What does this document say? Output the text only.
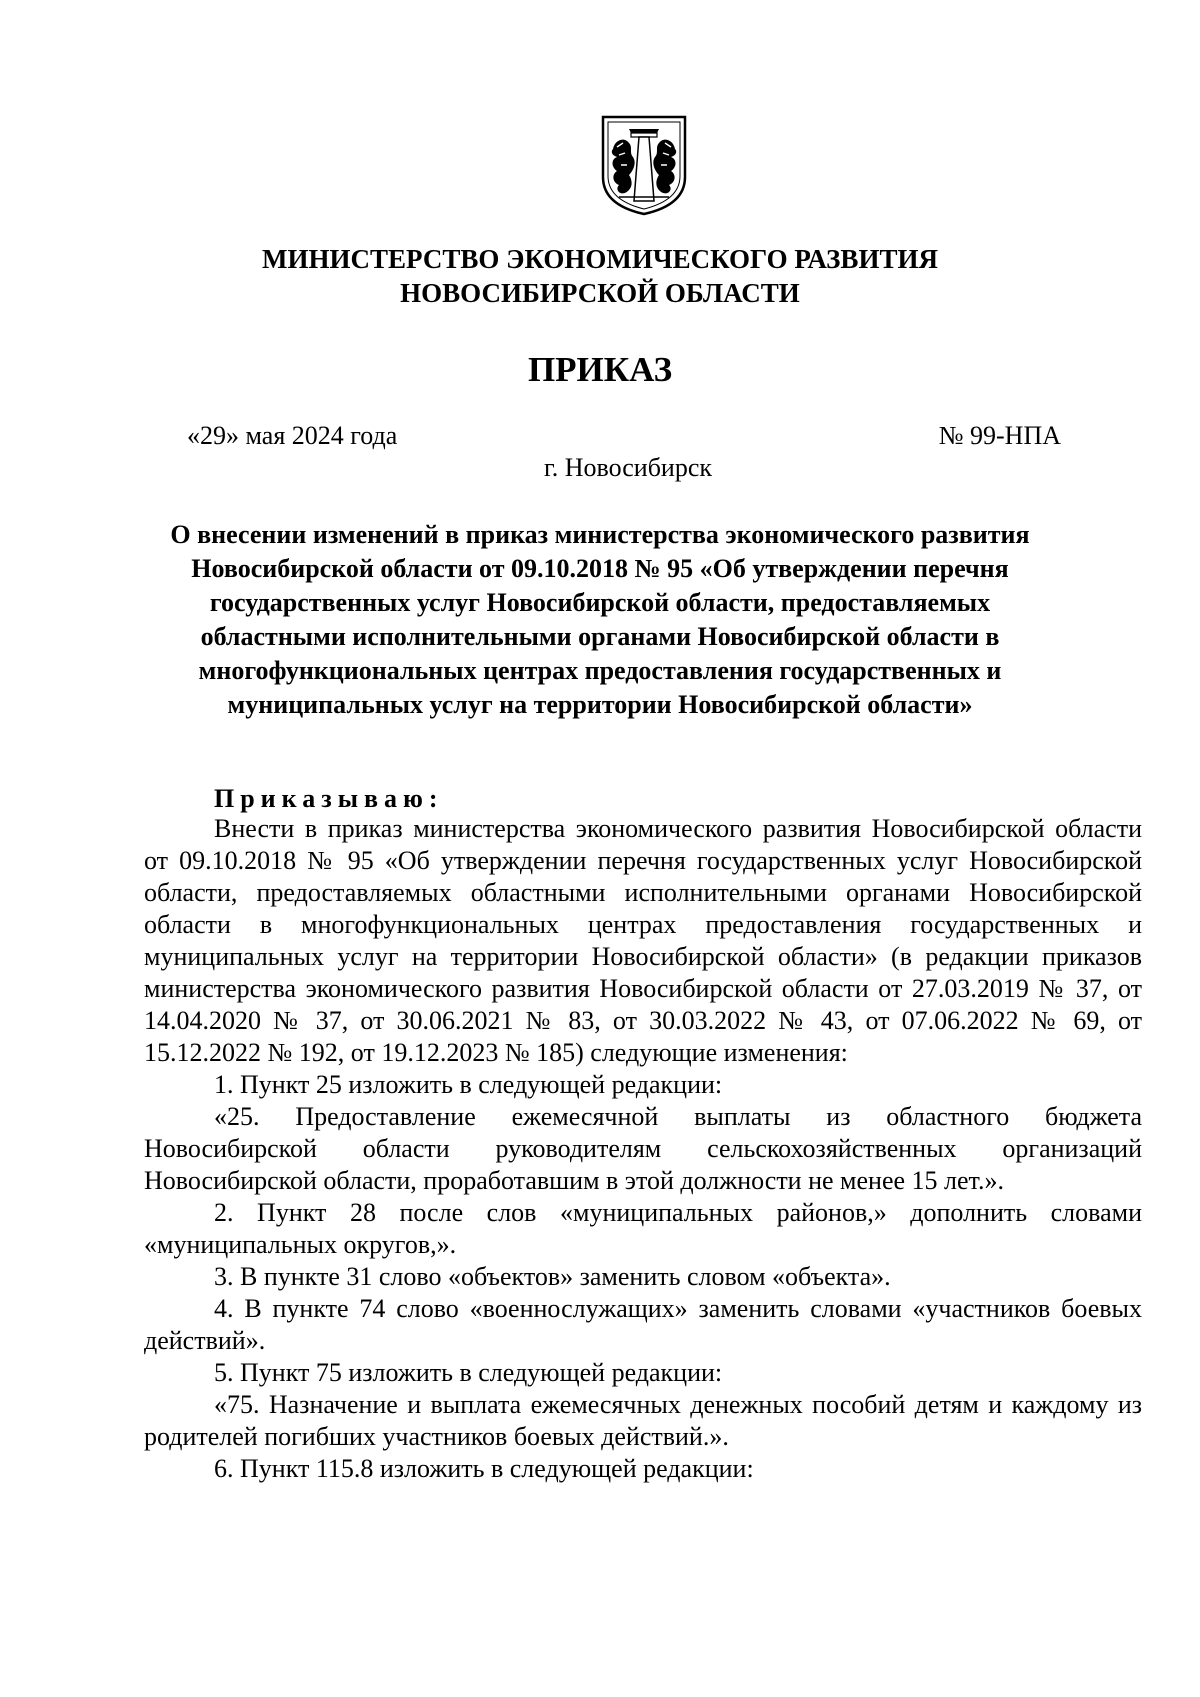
МИНИСТЕРСТВО ЭКОНОМИЧЕСКОГО РАЗВИТИЯ
НОВОСИБИРСКОЙ ОБЛАСТИ
ПРИКАЗ
«29» мая 2024 года	№ 99-НПА
г. Новосибирск
О внесении изменений в приказ министерства экономического развития
Новосибирской области от 09.10.2018 № 95 «Об утверждении перечня
государственных услуг Новосибирской области, предоставляемых
областными исполнительными органами Новосибирской области в
многофункциональных центрах предоставления государственных и
муниципальных услуг на территории Новосибирской области»
Приказываю:

Внести в приказ министерства экономического развития Новосибирской области от 09.10.2018 № 95 «Об утверждении перечня государственных услуг Новосибирской области, предоставляемых областными исполнительными органами Новосибирской области в многофункциональных центрах предоставления государственных и муниципальных услуг на территории Новосибирской области» (в редакции приказов министерства экономического развития Новосибирской области от 27.03.2019 № 37, от 14.04.2020 № 37, от 30.06.2021 № 83, от 30.03.2022 № 43, от 07.06.2022 № 69, от 15.12.2022 № 192, от 19.12.2023 № 185) следующие изменения:

1. Пункт 25 изложить в следующей редакции:

«25. Предоставление ежемесячной выплаты из областного бюджета Новосибирской области руководителям сельскохозяйственных организаций Новосибирской области, проработавшим в этой должности не менее 15 лет.».

2. Пункт 28 после слов «муниципальных районов,» дополнить словами «муниципальных округов,».

3. В пункте 31 слово «объектов» заменить словом «объекта».

4. В пункте 74 слово «военнослужащих» заменить словами «участников боевых действий».

5. Пункт 75 изложить в следующей редакции:

«75. Назначение и выплата ежемесячных денежных пособий детям и каждому из родителей погибших участников боевых действий.».

6. Пункт 115.8 изложить в следующей редакции:
